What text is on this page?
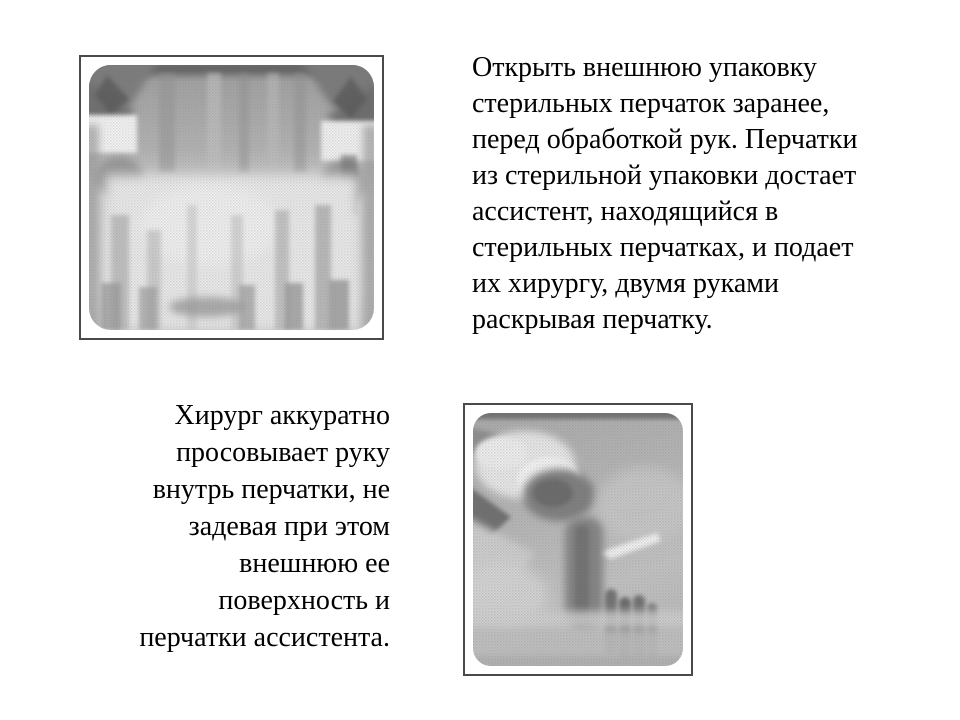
Открыть внешнюю упаковку
стерильных перчаток заранее,
перед обработкой рук. Перчатки
из стерильной упаковки достает
ассистент, находящийся в
стерильных перчатках, и подает
их хирургу, двумя руками
раскрывая перчатку.

Хирург аккуратно
просовывает руку
внутрь перчатки, не
задевая при этом
внешнюю ее
поверхность и
перчатки ассистента.
